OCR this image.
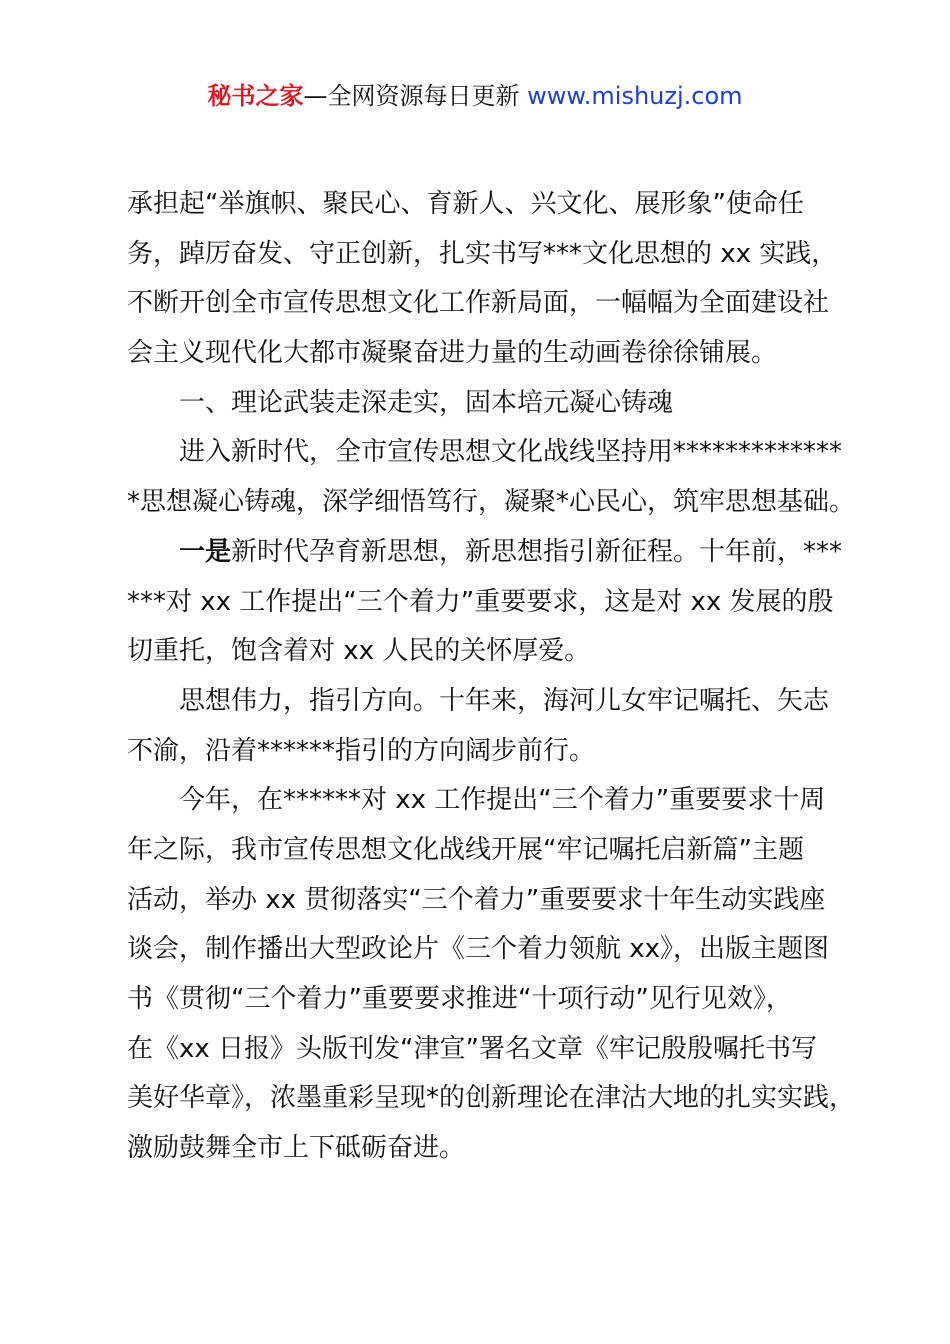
秘书之家—全网资源每日更新 www.mishuzj.com
承担起“举旗帜、聚民心、育新人、兴文化、展形象”使命任
务，踔厉奋发、守正创新，扎实书写***文化思想的 xx 实践，
不断开创全市宣传思想文化工作新局面，一幅幅为全面建设社
会主义现代化大都市凝聚奋进力量的生动画卷徐徐铺展。
一、理论武装走深走实，固本培元凝心铸魂
进入新时代，全市宣传思想文化战线坚持用*************
*思想凝心铸魂，深学细悟笃行，凝聚*心民心，筑牢思想基础。
一是新时代孕育新思想，新思想指引新征程。十年前，***
***对 xx 工作提出“三个着力”重要要求，这是对 xx 发展的殷
切重托，饱含着对 xx 人民的关怀厚爱。
思想伟力，指引方向。十年来，海河儿女牢记嘱托、矢志
不渝，沿着******指引的方向阔步前行。
今年，在******对 xx 工作提出“三个着力”重要要求十周
年之际，我市宣传思想文化战线开展“牢记嘱托启新篇”主题
活动，举办 xx 贯彻落实“三个着力”重要要求十年生动实践座
谈会，制作播出大型政论片《三个着力领航 xx》，出版主题图
书《贯彻“三个着力”重要要求推进“十项行动”见行见效》，
在《xx 日报》头版刊发“津宣”署名文章《牢记殷殷嘱托书写
美好华章》，浓墨重彩呈现*的创新理论在津沽大地的扎实实践，
激励鼓舞全市上下砥砺奋进。
